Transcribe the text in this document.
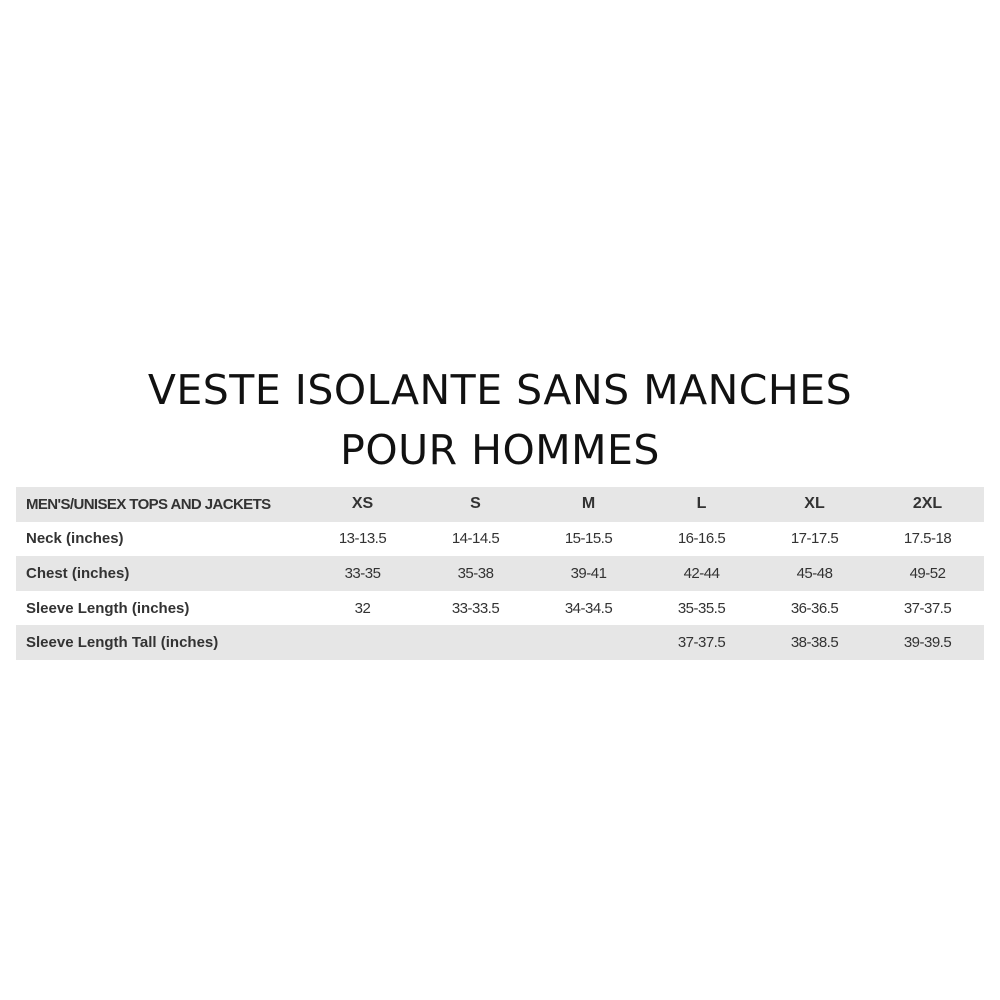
VESTE ISOLANTE SANS MANCHES
POUR HOMMES
MEN'S/UNISEX TOPS AND JACKETS	XS	S	M	L	XL	2XL
Neck (inches)	13-13.5	14-14.5	15-15.5	16-16.5	17-17.5	17.5-18
Chest (inches)	33-35	35-38	39-41	42-44	45-48	49-52
Sleeve Length (inches)	32	33-33.5	34-34.5	35-35.5	36-36.5	37-37.5
Sleeve Length Tall (inches)				37-37.5	38-38.5	39-39.5
